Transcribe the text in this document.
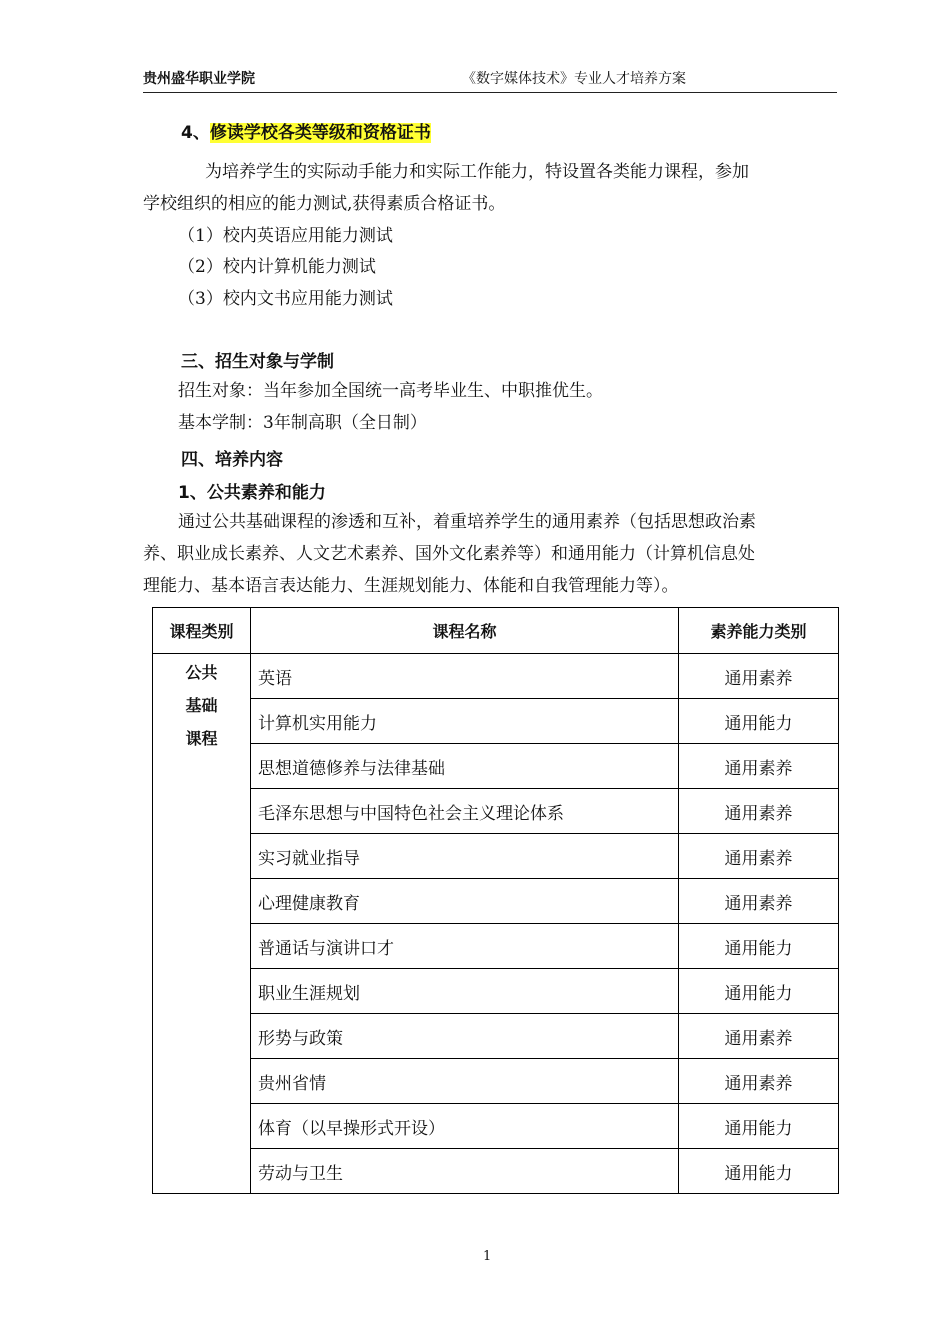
贵州盛华职业学院	《数字媒体技术》专业人才培养方案
4、修读学校各类等级和资格证书
为培养学生的实际动手能力和实际工作能力，特设置各类能力课程，参加
学校组织的相应的能力测试,获得素质合格证书。
（1）校内英语应用能力测试
（2）校内计算机能力测试
（3）校内文书应用能力测试
三、招生对象与学制
招生对象：当年参加全国统一高考毕业生、中职推优生。
基本学制：3年制高职（全日制）
四、培养内容
1、公共素养和能力
通过公共基础课程的渗透和互补，着重培养学生的通用素养（包括思想政治素
养、职业成长素养、人文艺术素养、国外文化素养等）和通用能力（计算机信息处
理能力、基本语言表达能力、生涯规划能力、体能和自我管理能力等）。
课程类别	课程名称	素养能力类别

公共
基础
课程	英语	通用素养
	计算机实用能力	通用能力
	思想道德修养与法律基础	通用素养
	毛泽东思想与中国特色社会主义理论体系	通用素养
	实习就业指导	通用素养
	心理健康教育	通用素养
	普通话与演讲口才	通用能力
	职业生涯规划	通用能力
	形势与政策	通用素养
	贵州省情	通用素养
	体育（以早操形式开设）	通用能力
	劳动与卫生	通用能力
1
